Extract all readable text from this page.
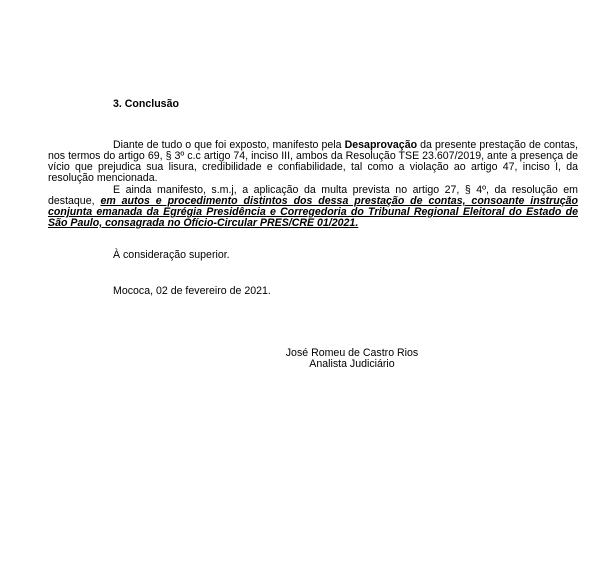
3. Conclusão
Diante de tudo o que foi exposto, manifesto pela Desaprovação da presente prestação de contas, nos termos do artigo 69, § 3º c.c artigo 74, inciso III, ambos da Resolução TSE 23.607/2019, ante a presença de vício que prejudica sua lisura, credibilidade e confiabilidade, tal como a violação ao artigo 47, inciso I, da resolução mencionada.
E ainda manifesto, s.m.j, a aplicação da multa prevista no artigo 27, § 4º, da resolução em destaque, em autos e procedimento distintos dos dessa prestação de contas, consoante instrução conjunta emanada da Egrégia Presidência e Corregedoria do Tribunal Regional Eleitoral do Estado de São Paulo, consagrada no Ofício-Circular PRES/CRE 01/2021.
À consideração superior.
Mococa, 02 de fevereiro de 2021.
José Romeu de Castro Rios
Analista Judiciário
